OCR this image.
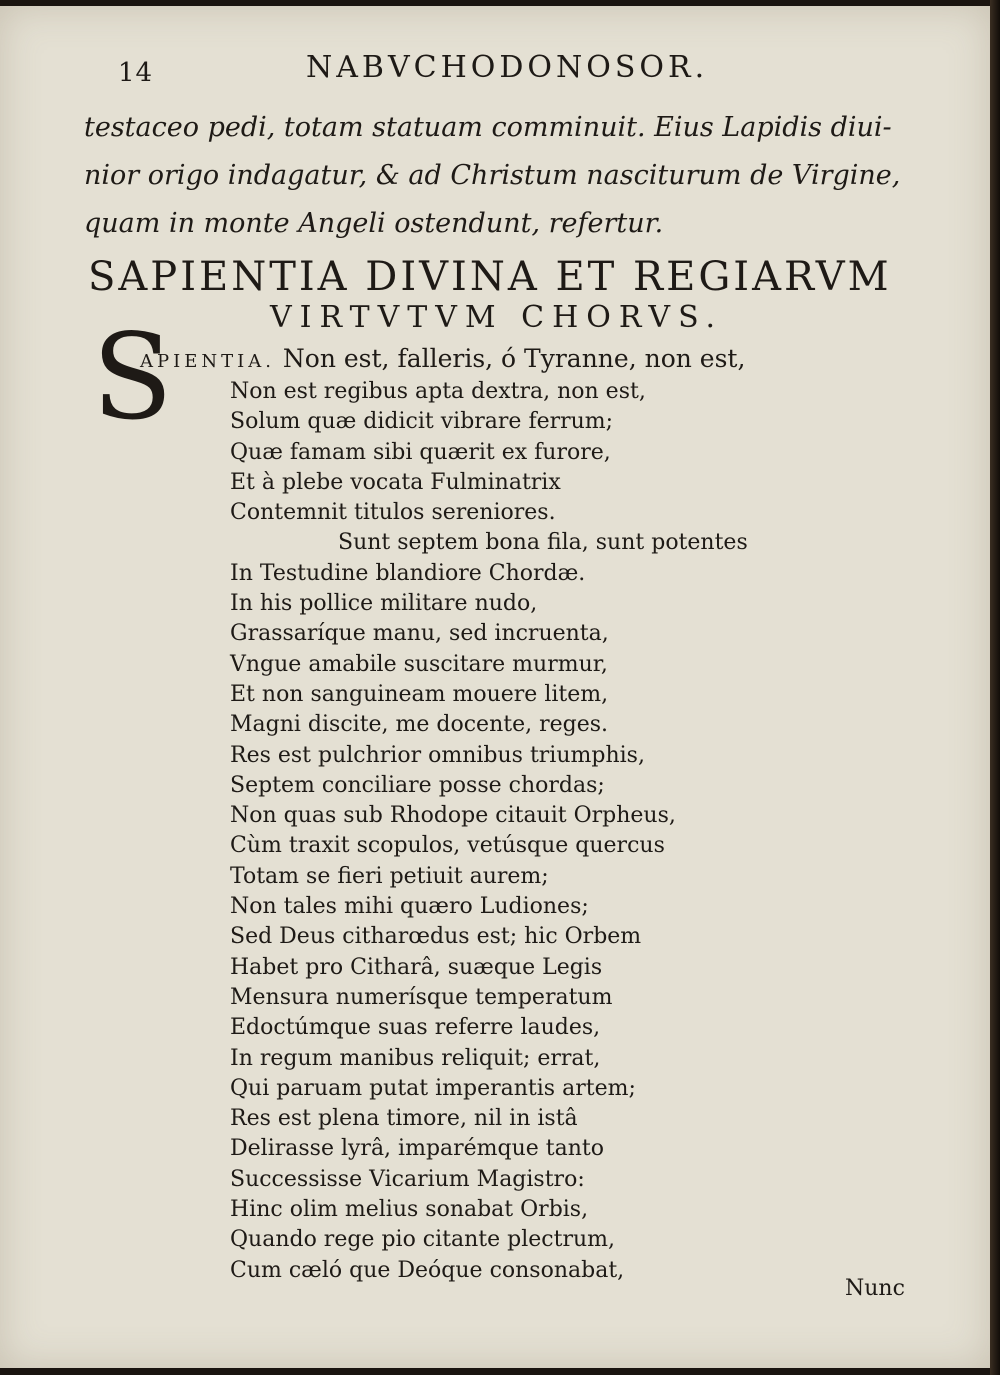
14	NABVCHODONOSOR.
testaceo pedi, totam statuam comminuit. Eius Lapidis diui-
nior origo indagatur, & ad Christum nasciturum de Virgine,
quam in monte Angeli ostendunt, refertur.
SAPIENTIA DIVINA ET REGIARVM
VIRTVTVM CHORVS.
S
APIENTIA. Non est, falleris, ó Tyranne, non est,
Non est regibus apta dextra, non est,
Solum quæ didicit vibrare ferrum;
Quæ famam sibi quærit ex furore,
Et à plebe vocata Fulminatrix
Contemnit titulos sereniores.
Sunt septem bona fila, sunt potentes
In Testudine blandiore Chordæ.
In his pollice militare nudo,
Grassaríque manu, sed incruenta,
Vngue amabile suscitare murmur,
Et non sanguineam mouere litem,
Magni discite, me docente, reges.
Res est pulchrior omnibus triumphis,
Septem conciliare posse chordas;
Non quas sub Rhodope citauit Orpheus,
Cùm traxit scopulos, vetúsque quercus
Totam se fieri petiuit aurem;
Non tales mihi quæro Ludiones;
Sed Deus citharœdus est; hic Orbem
Habet pro Citharâ, suæque Legis
Mensura numerísque temperatum
Edoctúmque suas referre laudes,
In regum manibus reliquit; errat,
Qui paruam putat imperantis artem;
Res est plena timore, nil in istâ
Delirasse lyrâ, imparémque tanto
Successisse Vicarium Magistro:
Hinc olim melius sonabat Orbis,
Quando rege pio citante plectrum,
Cum cæló que Deóque consonabat,
Nunc
